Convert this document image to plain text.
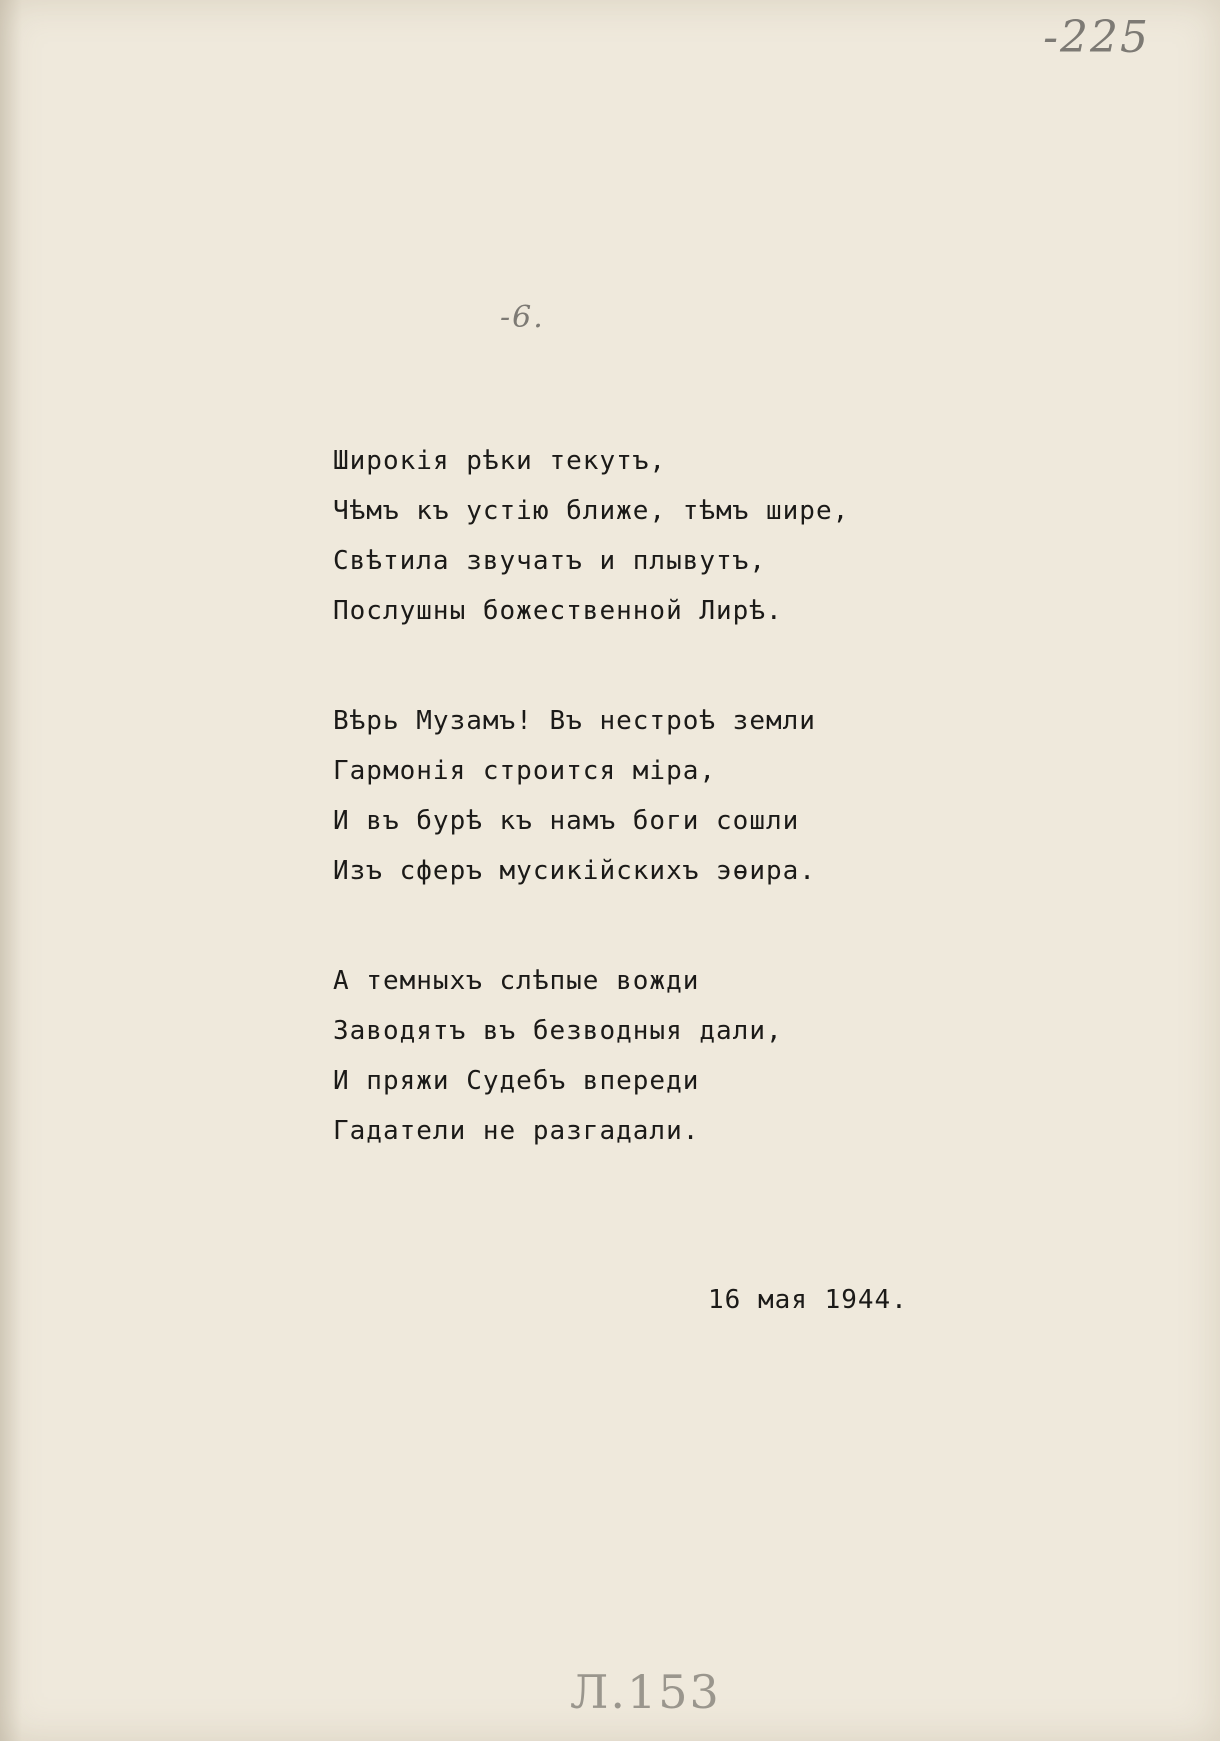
-225
-6.
Широкія рѣки текутъ,
Чѣмъ къ устію ближе, тѣмъ шире,
Свѣтила звучатъ и плывутъ,
Послушны божественной Лирѣ.
Вѣрь Музамъ! Въ нестроѣ земли
Гармонія строится міра,
И въ бурѣ къ намъ боги сошли
Изъ сферъ мусикійскихъ эѳира.
А темныхъ слѣпые вожди
Заводятъ въ безводныя дали,
И пряжи Судебъ впереди
Гадатели не разгадали.
16 мая 1944.
Л.153
